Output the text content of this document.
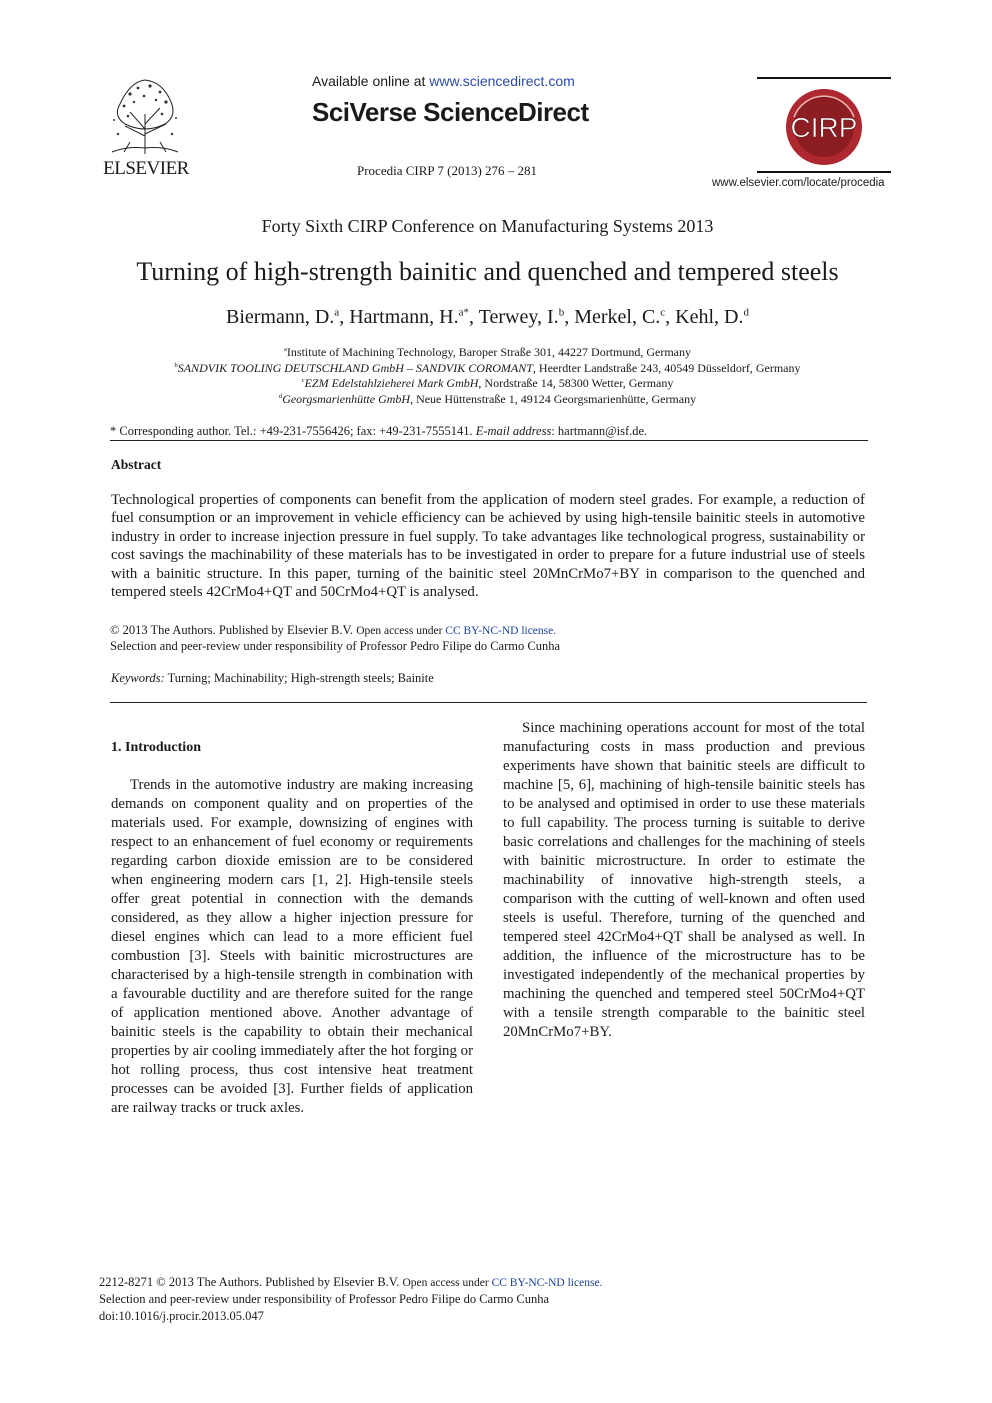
ELSEVIER
Available online at www.sciencedirect.com
SciVerse ScienceDirect
Procedia CIRP 7 (2013) 276 – 281
CIRP
www.elsevier.com/locate/procedia
Forty Sixth CIRP Conference on Manufacturing Systems 2013
Turning of high-strength bainitic and quenched and tempered steels
Biermann, D.$^a$, Hartmann, H.$^{a*}$, Terwey, I.$^b$, Merkel, C.$^c$, Kehl, D.$^d$
$^a$Institute of Machining Technology, Baroper Straße 301, 44227 Dortmund, Germany
$^b$SANDVIK TOOLING DEUTSCHLAND GmbH – SANDVIK COROMANT, Heerdter Landstraße 243, 40549 Düsseldorf, Germany
$^c$EZM Edelstahlzieherei Mark GmbH, Nordstraße 14, 58300 Wetter, Germany
$^d$Georgsmarienhütte GmbH, Neue Hüttenstraße 1, 49124 Georgsmarienhütte, Germany
* Corresponding author. Tel.: +49-231-7556426; fax: +49-231-7555141. E-mail address: hartmann@isf.de.
Abstract
Technological properties of components can benefit from the application of modern steel grades. For example, a reduction of fuel consumption or an improvement in vehicle efficiency can be achieved by using high-tensile bainitic steels in automotive industry in order to increase injection pressure in fuel supply. To take advantages like technological progress, sustainability or cost savings the machinability of these materials has to be investigated in order to prepare for a future industrial use of steels with a bainitic structure. In this paper, turning of the bainitic steel 20MnCrMo7+BY in comparison to the quenched and tempered steels 42CrMo4+QT and 50CrMo4+QT is analysed.
© 2013 The Authors. Published by Elsevier B.V. Open access under CC BY-NC-ND license.
Selection and peer-review under responsibility of Professor Pedro Filipe do Carmo Cunha
Keywords: Turning; Machinability; High-strength steels; Bainite
1. Introduction

Trends in the automotive industry are making increasing demands on component quality and on properties of the materials used. For example, downsizing of engines with respect to an enhancement of fuel economy or requirements regarding carbon dioxide emission are to be considered when engineering modern cars [1, 2]. High-tensile steels offer great potential in connection with the demands considered, as they allow a higher injection pressure for diesel engines which can lead to a more efficient fuel combustion [3]. Steels with bainitic microstructures are characterised by a high-tensile strength in combination with a favourable ductility and are therefore suited for the range of application mentioned above. Another advantage of bainitic steels is the capability to obtain their mechanical properties by air cooling immediately after the hot forging or hot rolling process, thus cost intensive heat treatment processes can be avoided [3]. Further fields of application are railway tracks or truck axles.

Since machining operations account for most of the total manufacturing costs in mass production and previous experiments have shown that bainitic steels are difficult to machine [5, 6], machining of high-tensile bainitic steels has to be analysed and optimised in order to use these materials to full capability. The process turning is suitable to derive basic correlations and challenges for the machining of steels with bainitic microstructure. In order to estimate the machinability of innovative high-strength steels, a comparison with the cutting of well-known and often used steels is useful. Therefore, turning of the quenched and tempered steel 42CrMo4+QT shall be analysed as well. In addition, the influence of the microstructure has to be investigated independently of the mechanical properties by machining the quenched and tempered steel 50CrMo4+QT with a tensile strength comparable to the bainitic steel 20MnCrMo7+BY.

2212-8271 © 2013 The Authors. Published by Elsevier B.V. Open access under CC BY-NC-ND license.
Selection and peer-review under responsibility of Professor Pedro Filipe do Carmo Cunha
doi:10.1016/j.procir.2013.05.047
